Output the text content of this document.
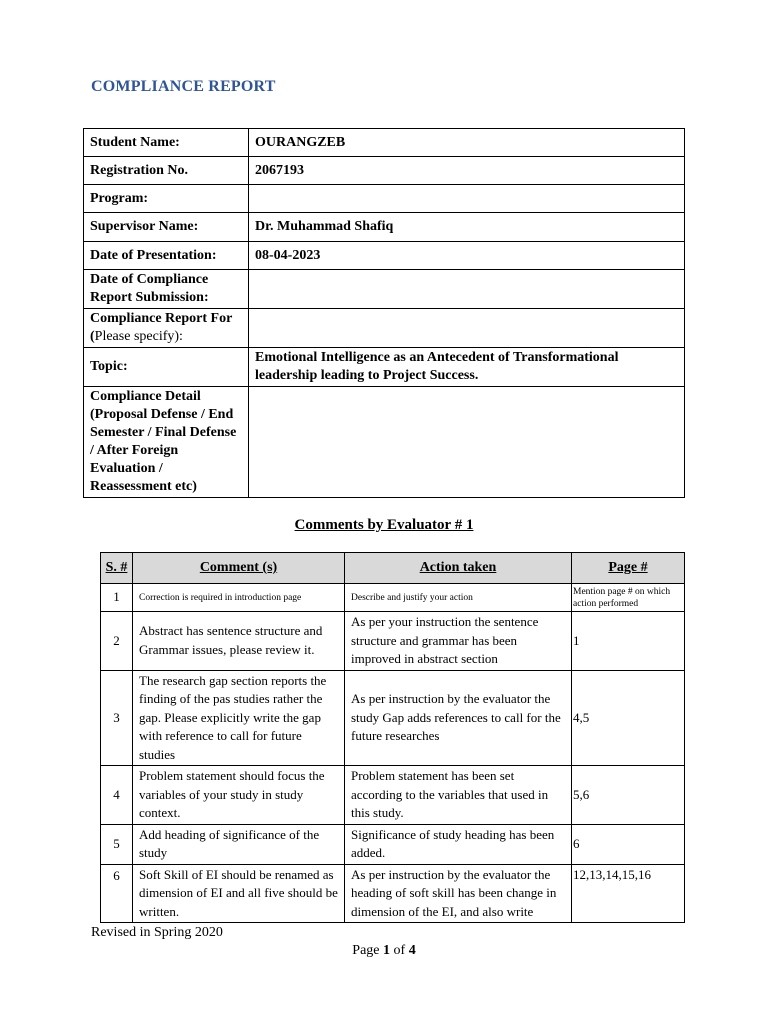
COMPLIANCE REPORT
Student Name:	OURANGZEB
Registration No.	2067193
Program:	
Supervisor Name:	Dr. Muhammad Shafiq
Date of Presentation:	08-04-2023
Date of Compliance Report Submission:	
Compliance Report For (Please specify):	
Topic:	Emotional Intelligence as an Antecedent of Transformational leadership leading to Project Success.
Compliance Detail (Proposal Defense / End Semester / Final Defense / After Foreign Evaluation / Reassessment etc)	
Comments by Evaluator # 1
S. #	Comment (s)	Action taken	Page #
1	Correction is required in introduction page	Describe and justify your action	Mention page # on which action performed
2	Abstract has sentence structure and Grammar issues, please review it.	As per your instruction the sentence structure and grammar has been improved in abstract section	1
3	The research gap section reports the finding of the pas studies rather the gap. Please explicitly write the gap with reference to call for future studies	As per instruction by the evaluator the study Gap adds references to call for the future researches	4,5
4	Problem statement should focus the variables of your study in study context.	Problem statement has been set according to the variables that used in this study.	5,6
5	Add heading of significance of the study	Significance of study heading has been added.	6
6	Soft Skill of EI should be renamed as dimension of EI and all five should be written.	As per instruction by the evaluator the heading of soft skill has been change in dimension of the EI, and also write	12,13,14,15,16
Revised in Spring 2020
Page 1 of 4
